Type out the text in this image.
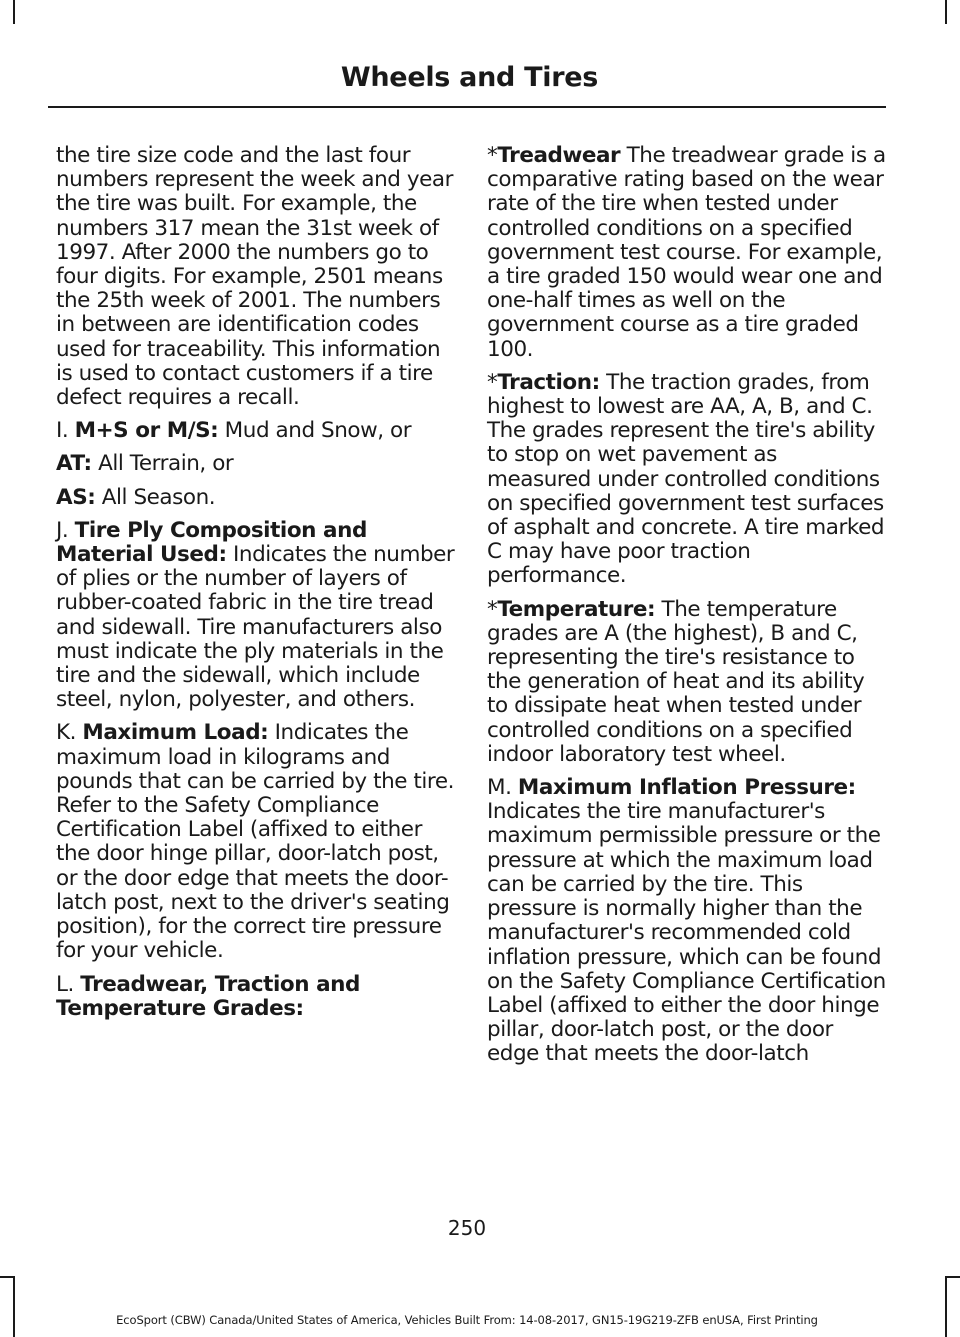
Wheels and Tires

the tire size code and the last four numbers represent the week and year the tire was built. For example, the numbers 317 mean the 31st week of 1997. After 2000 the numbers go to four digits. For example, 2501 means the 25th week of 2001. The numbers in between are identification codes used for traceability. This information is used to contact customers if a tire defect requires a recall.

I. M+S or M/S: Mud and Snow, or

AT: All Terrain, or

AS: All Season.

J. Tire Ply Composition and Material Used: Indicates the number of plies or the number of layers of rubber-coated fabric in the tire tread and sidewall. Tire manufacturers also must indicate the ply materials in the tire and the sidewall, which include steel, nylon, polyester, and others.

K. Maximum Load: Indicates the maximum load in kilograms and pounds that can be carried by the tire. Refer to the Safety Compliance Certification Label (affixed to either the door hinge pillar, door-latch post, or the door edge that meets the door-latch post, next to the driver's seating position), for the correct tire pressure for your vehicle.

L. Treadwear, Traction and Temperature Grades:

*Treadwear The treadwear grade is a comparative rating based on the wear rate of the tire when tested under controlled conditions on a specified government test course. For example, a tire graded 150 would wear one and one-half times as well on the government course as a tire graded 100.

*Traction: The traction grades, from highest to lowest are AA, A, B, and C. The grades represent the tire's ability to stop on wet pavement as measured under controlled conditions on specified government test surfaces of asphalt and concrete. A tire marked C may have poor traction performance.

*Temperature: The temperature grades are A (the highest), B and C, representing the tire's resistance to the generation of heat and its ability to dissipate heat when tested under controlled conditions on a specified indoor laboratory test wheel.

M. Maximum Inflation Pressure: Indicates the tire manufacturer's maximum permissible pressure or the pressure at which the maximum load can be carried by the tire. This pressure is normally higher than the manufacturer's recommended cold inflation pressure, which can be found on the Safety Compliance Certification Label (affixed to either the door hinge pillar, door-latch post, or the door edge that meets the door-latch

250
EcoSport (CBW) Canada/United States of America, Vehicles Built From: 14-08-2017, GN15-19G219-ZFB enUSA, First Printing
